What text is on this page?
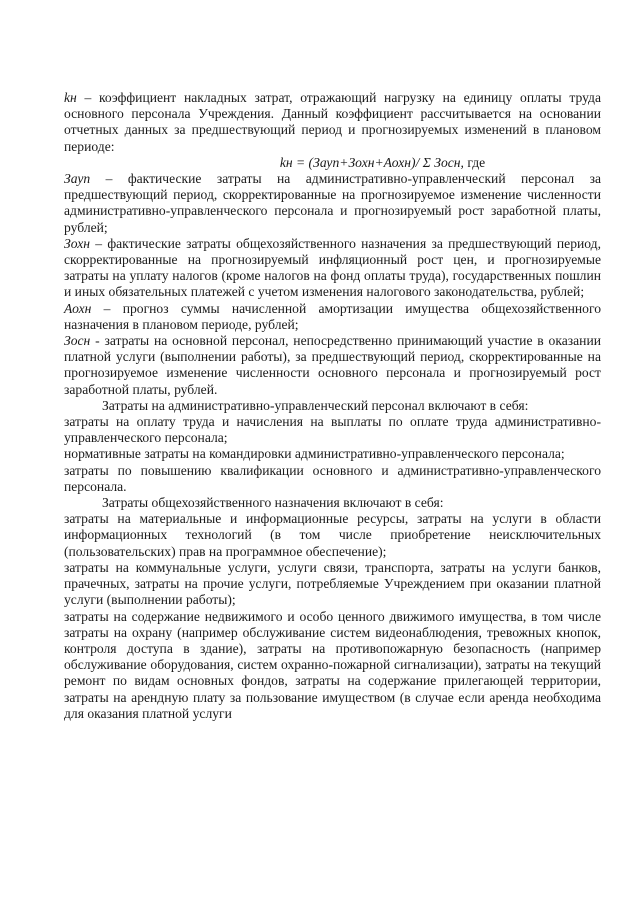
kн – коэффициент накладных затрат, отражающий нагрузку на единицу оплаты труда основного персонала Учреждения. Данный коэффициент рассчитывается на основании отчетных данных за предшествующий период и прогнозируемых изменений в плановом периоде:

kн = (Зауп+Зохн+Аохн)/ Σ Зосн, где

Зауп – фактические затраты на административно-управленческий персонал за предшествующий период, скорректированные на прогнозируемое изменение численности административно-управленческого персонала и прогнозируемый рост заработной платы, рублей;

Зохн – фактические затраты общехозяйственного назначения за предшествующий период, скорректированные на прогнозируемый инфляционный рост цен, и прогнозируемые затраты на уплату налогов (кроме налогов на фонд оплаты труда), государственных пошлин и иных обязательных платежей с учетом изменения налогового законодательства, рублей;

Аохн – прогноз суммы начисленной амортизации имущества общехозяйственного назначения в плановом периоде, рублей;

Зосн - затраты на основной персонал, непосредственно принимающий участие в оказании платной услуги (выполнении работы), за предшествующий период, скорректированные на прогнозируемое изменение численности основного персонала и прогнозируемый рост заработной платы, рублей.

Затраты на административно-управленческий персонал включают в себя:

затраты на оплату труда и начисления на выплаты по оплате труда административно-управленческого персонала;

нормативные затраты на командировки административно-управленческого персонала;

затраты по повышению квалификации основного и административно-управленческого персонала.

Затраты общехозяйственного назначения включают в себя:

затраты на материальные и информационные ресурсы, затраты на услуги в области информационных технологий (в том числе приобретение неисключительных (пользовательских) прав на программное обеспечение);

затраты на коммунальные услуги, услуги связи, транспорта, затраты на услуги банков, прачечных, затраты на прочие услуги, потребляемые Учреждением при оказании платной услуги (выполнении работы);

затраты на содержание недвижимого и особо ценного движимого имущества, в том числе затраты на охрану (например обслуживание систем видеонаблюдения, тревожных кнопок, контроля доступа в здание), затраты на противопожарную безопасность (например обслуживание оборудования, систем охранно-пожарной сигнализации), затраты на текущий ремонт по видам основных фондов, затраты на содержание прилегающей территории, затраты на арендную плату за пользование имуществом (в случае если аренда необходима для оказания платной услуги
